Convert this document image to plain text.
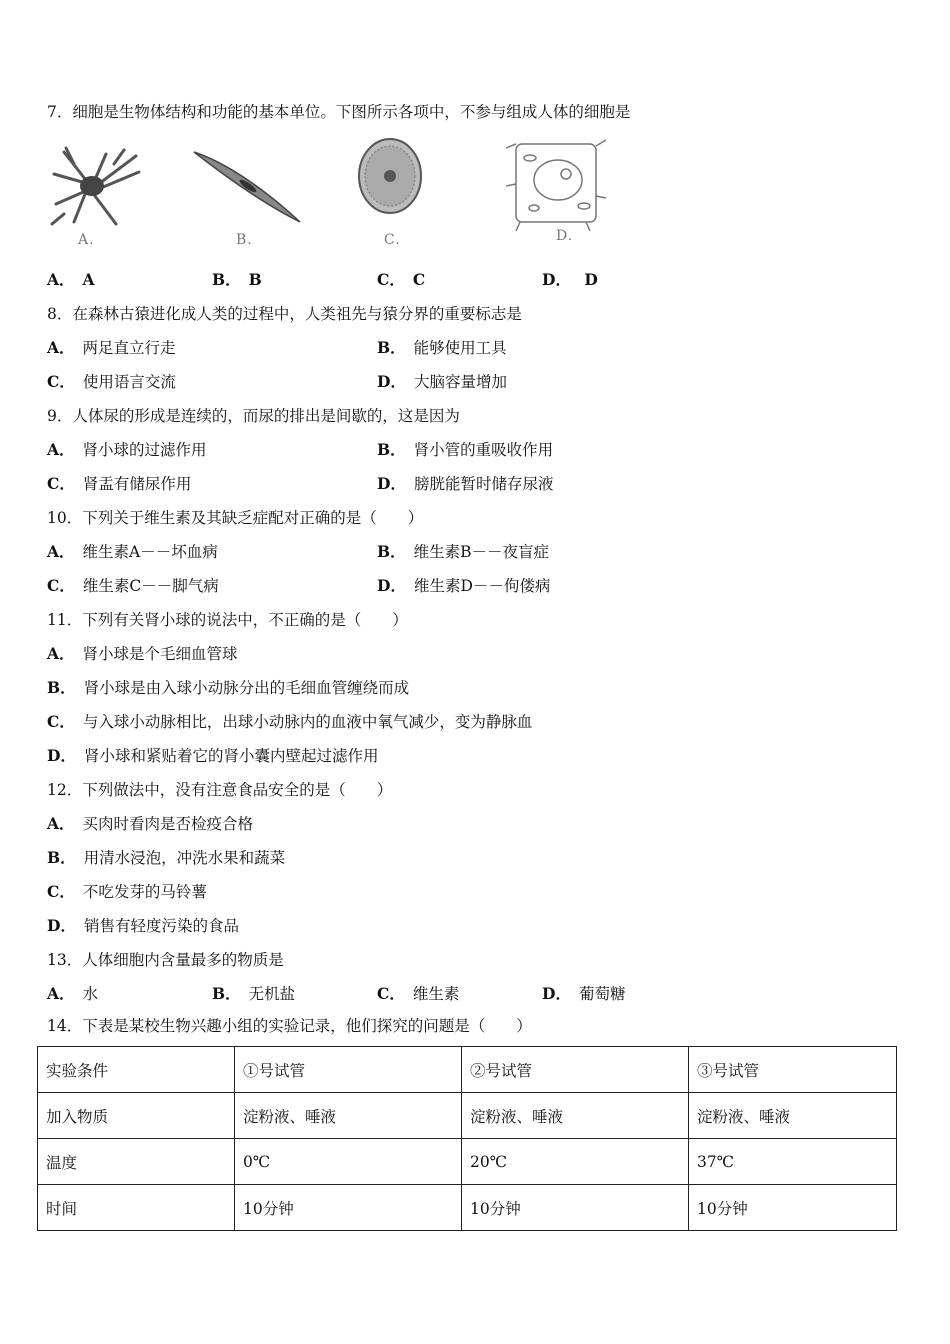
7．细胞是生物体结构和功能的基本单位。下图所示各项中，不参与组成人体的细胞是
A.	B.	C.	D.
A． A	B． B	C． C	D． D
8．在森林古猿进化成人类的过程中，人类祖先与猿分界的重要标志是
A． 两足直立行走	B． 能够使用工具
C． 使用语言交流	D． 大脑容量增加
9．人体尿的形成是连续的，而尿的排出是间歇的，这是因为
A． 肾小球的过滤作用	B． 肾小管的重吸收作用
C． 肾盂有储尿作用	D． 膀胱能暂时储存尿液
10．下列关于维生素及其缺乏症配对正确的是（　　）
A． 维生素A－－坏血病	B． 维生素B－－夜盲症
C． 维生素C－－脚气病	D． 维生素D－－佝偻病
11．下列有关肾小球的说法中，不正确的是（　　）
A． 肾小球是个毛细血管球
B． 肾小球是由入球小动脉分出的毛细血管缠绕而成
C． 与入球小动脉相比，出球小动脉内的血液中氧气减少，变为静脉血
D． 肾小球和紧贴着它的肾小囊内壁起过滤作用
12．下列做法中，没有注意食品安全的是（　　）
A． 买肉时看肉是否检疫合格
B． 用清水浸泡，冲洗水果和蔬菜
C． 不吃发芽的马铃薯
D． 销售有轻度污染的食品
13．人体细胞内含量最多的物质是
A． 水	B． 无机盐	C． 维生素	D． 葡萄糖
14．下表是某校生物兴趣小组的实验记录，他们探究的问题是（　　）
实验条件	①号试管	②号试管	③号试管
加入物质	淀粉液、唾液	淀粉液、唾液	淀粉液、唾液
温度	0℃	20℃	37℃
时间	10分钟	10分钟	10分钟
